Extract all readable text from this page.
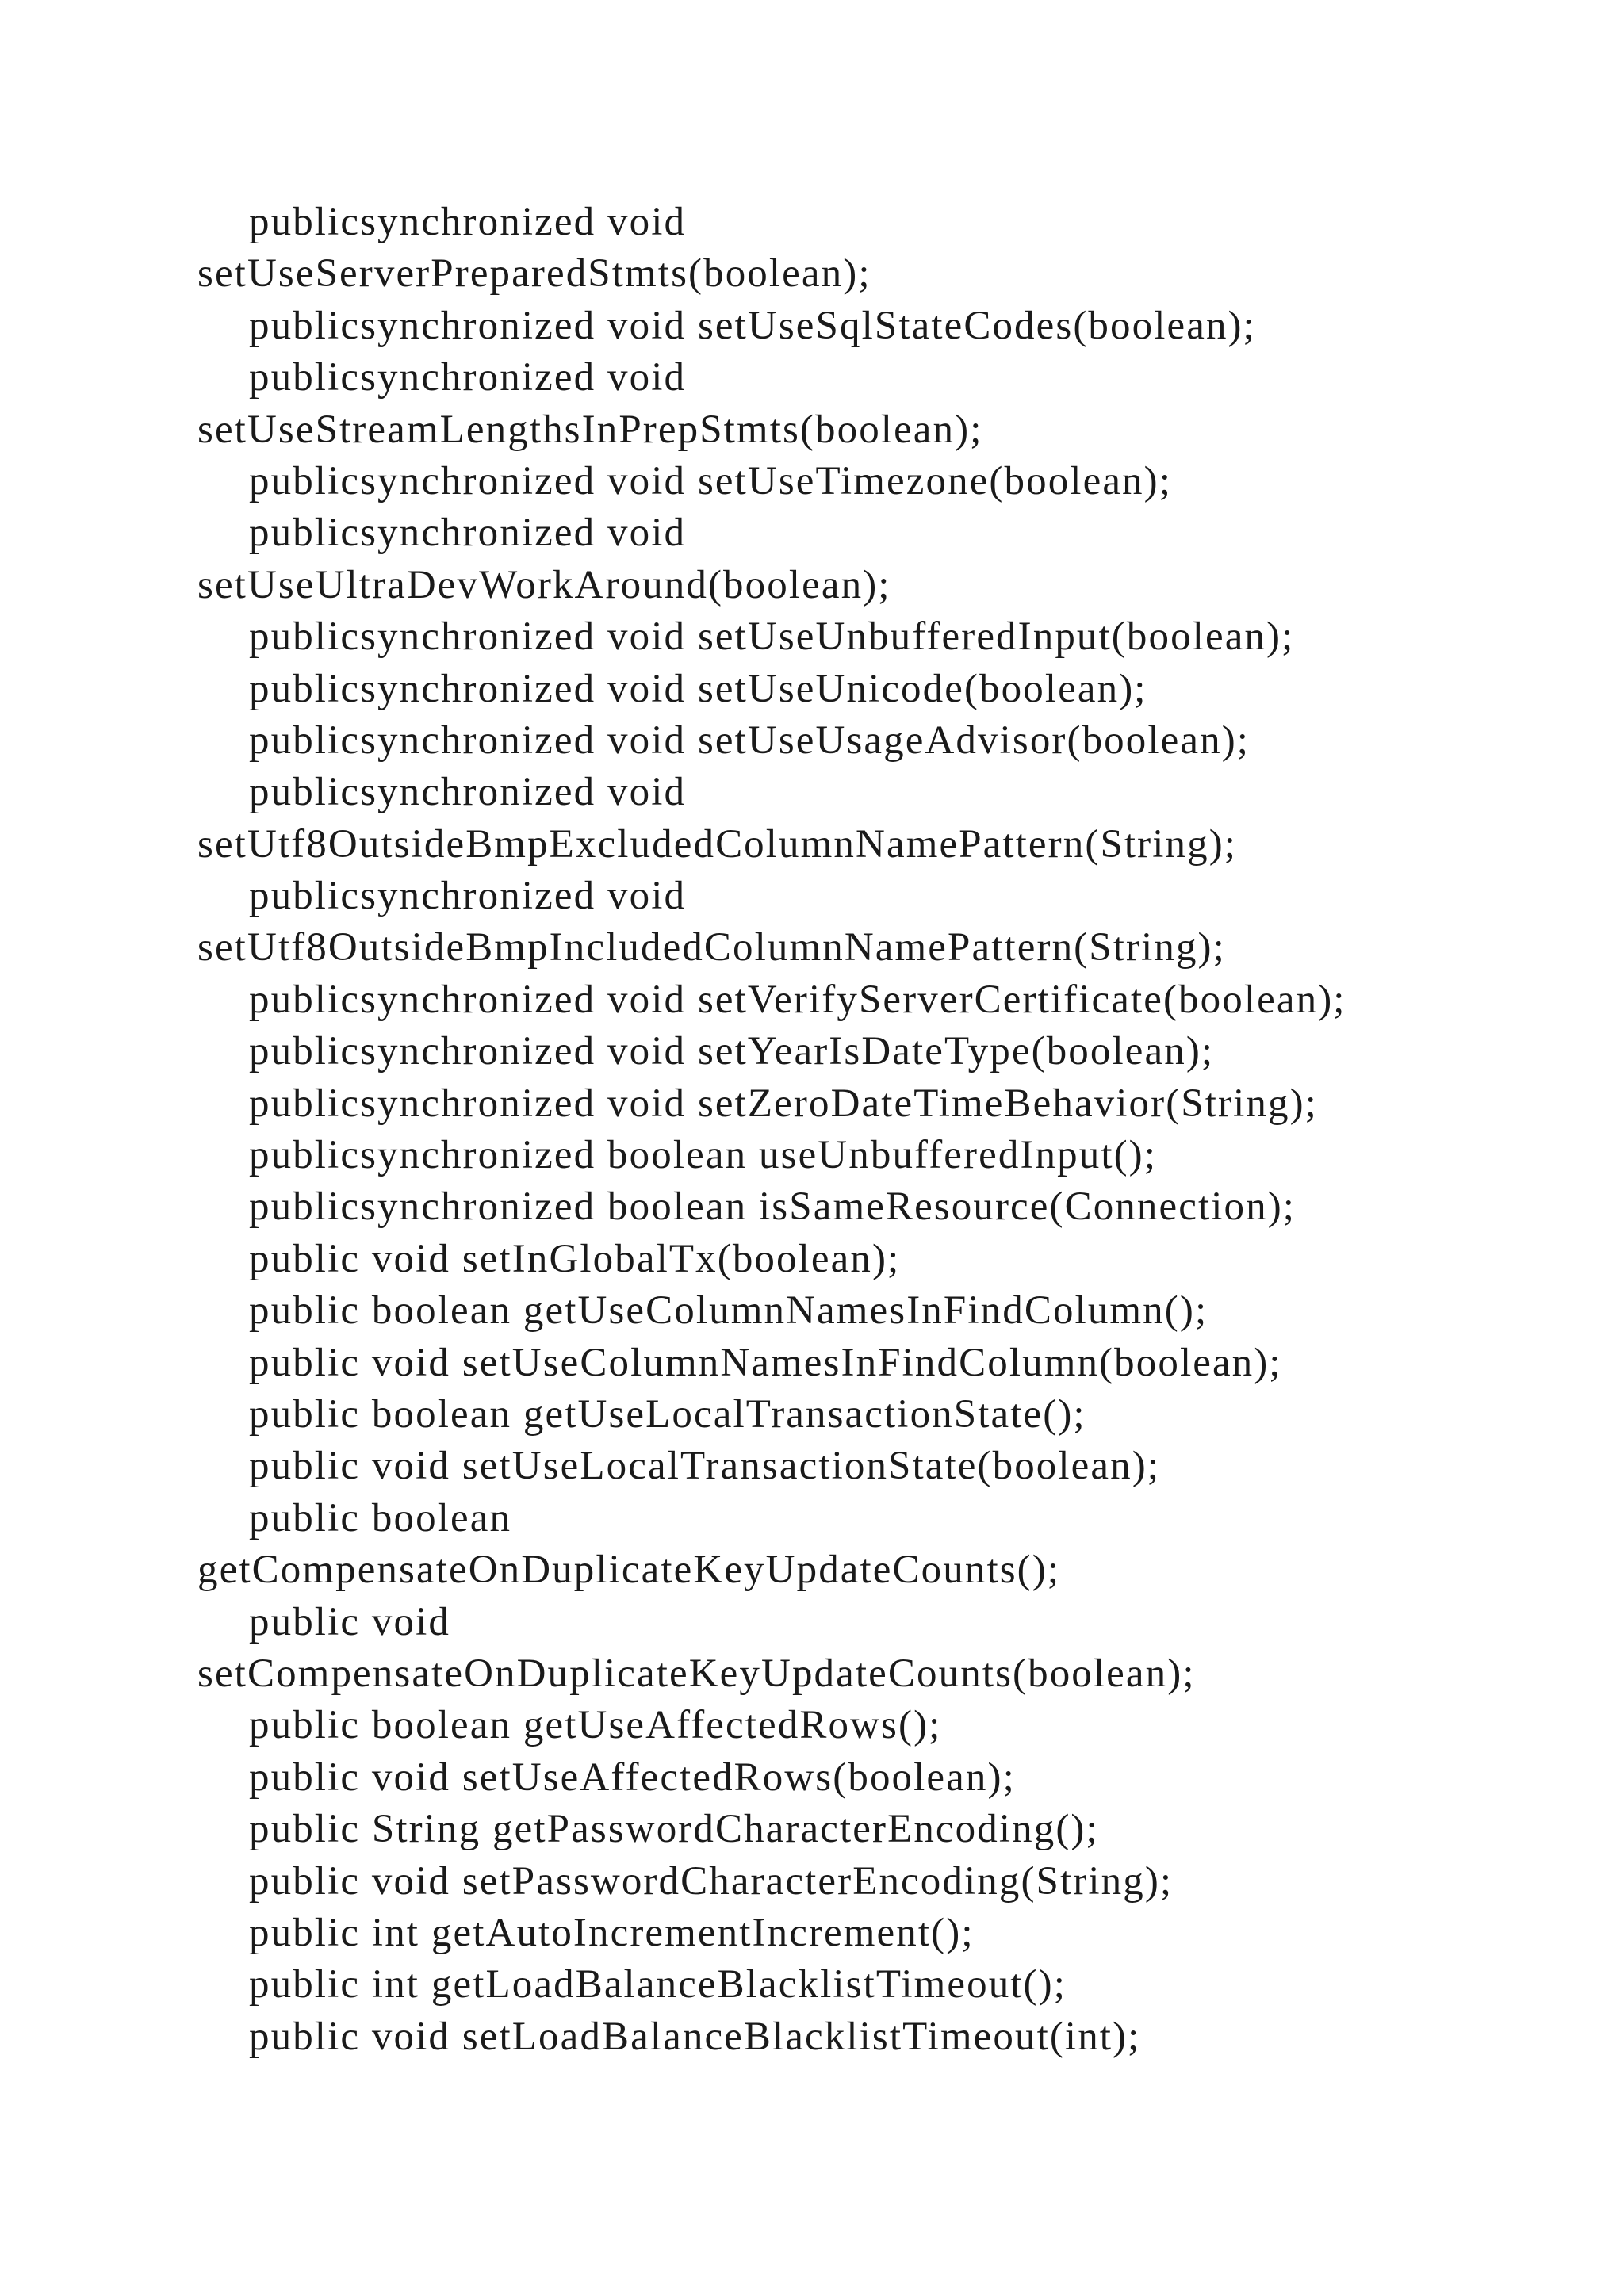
publicsynchronized void
setUseServerPreparedStmts(boolean);
publicsynchronized void setUseSqlStateCodes(boolean);
publicsynchronized void
setUseStreamLengthsInPrepStmts(boolean);
publicsynchronized void setUseTimezone(boolean);
publicsynchronized void
setUseUltraDevWorkAround(boolean);
publicsynchronized void setUseUnbufferedInput(boolean);
publicsynchronized void setUseUnicode(boolean);
publicsynchronized void setUseUsageAdvisor(boolean);
publicsynchronized void
setUtf8OutsideBmpExcludedColumnNamePattern(String);
publicsynchronized void
setUtf8OutsideBmpIncludedColumnNamePattern(String);
publicsynchronized void setVerifyServerCertificate(boolean);
publicsynchronized void setYearIsDateType(boolean);
publicsynchronized void setZeroDateTimeBehavior(String);
publicsynchronized boolean useUnbufferedInput();
publicsynchronized boolean isSameResource(Connection);
public void setInGlobalTx(boolean);
public boolean getUseColumnNamesInFindColumn();
public void setUseColumnNamesInFindColumn(boolean);
public boolean getUseLocalTransactionState();
public void setUseLocalTransactionState(boolean);
public boolean
getCompensateOnDuplicateKeyUpdateCounts();
public void
setCompensateOnDuplicateKeyUpdateCounts(boolean);
public boolean getUseAffectedRows();
public void setUseAffectedRows(boolean);
public String getPasswordCharacterEncoding();
public void setPasswordCharacterEncoding(String);
public int getAutoIncrementIncrement();
public int getLoadBalanceBlacklistTimeout();
public void setLoadBalanceBlacklistTimeout(int);
